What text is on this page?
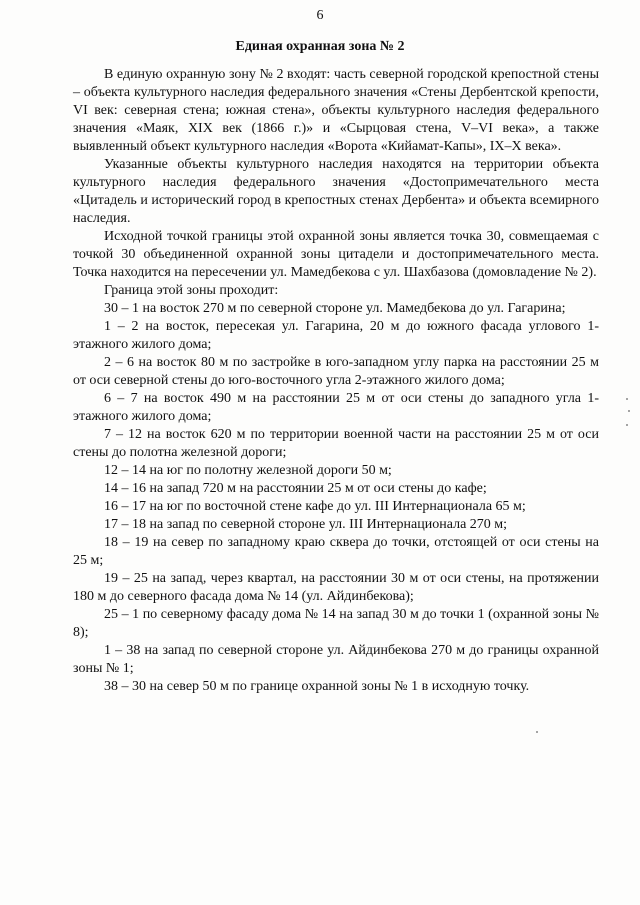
6
Единая охранная зона № 2

В единую охранную зону № 2 входят: часть северной городской крепостной стены – объекта культурного наследия федерального значения «Стены Дербентской крепости, VI век: северная стена; южная стена», объекты культурного наследия федерального значения «Маяк, XIX век (1866 г.)» и «Сырцовая стена, V–VI века», а также выявленный объект культурного наследия «Ворота «Кийамат-Капы», IX–X века».

Указанные объекты культурного наследия находятся на территории объекта культурного наследия федерального значения «Достопримечательного места «Цитадель и исторический город в крепостных стенах Дербента» и объекта всемирного наследия.

Исходной точкой границы этой охранной зоны является точка 30, совмещаемая с точкой 30 объединенной охранной зоны цитадели и достопримечательного места. Точка находится на пересечении ул. Мамедбекова с ул. Шахбазова (домовладение № 2).

Граница этой зоны проходит:

30 – 1 на восток 270 м по северной стороне ул. Мамедбекова до ул. Гагарина;

1 – 2 на восток, пересекая ул. Гагарина, 20 м до южного фасада углового 1-этажного жилого дома;

2 – 6 на восток 80 м по застройке в юго-западном углу парка на расстоянии 25 м от оси северной стены до юго-восточного угла 2-этажного жилого дома;

6 – 7 на восток 490 м на расстоянии 25 м от оси стены до западного угла 1-этажного жилого дома;

7 – 12 на восток 620 м по территории военной части на расстоянии 25 м от оси стены до полотна железной дороги;

12 – 14 на юг по полотну железной дороги 50 м;

14 – 16 на запад 720 м на расстоянии 25 м от оси стены до кафе;

16 – 17 на юг по восточной стене кафе до ул. III Интернационала 65 м;

17 – 18 на запад по северной стороне ул. III Интернационала 270 м;

18 – 19 на север по западному краю сквера до точки, отстоящей от оси стены на 25 м;

19 – 25 на запад, через квартал, на расстоянии 30 м от оси стены, на протяжении 180 м до северного фасада дома № 14 (ул. Айдинбекова);

25 – 1 по северному фасаду дома № 14 на запад 30 м до точки 1 (охранной зоны № 8);

1 – 38 на запад по северной стороне ул. Айдинбекова 270 м до границы охранной зоны № 1;

38 – 30 на север 50 м по границе охранной зоны № 1 в исходную точку.
